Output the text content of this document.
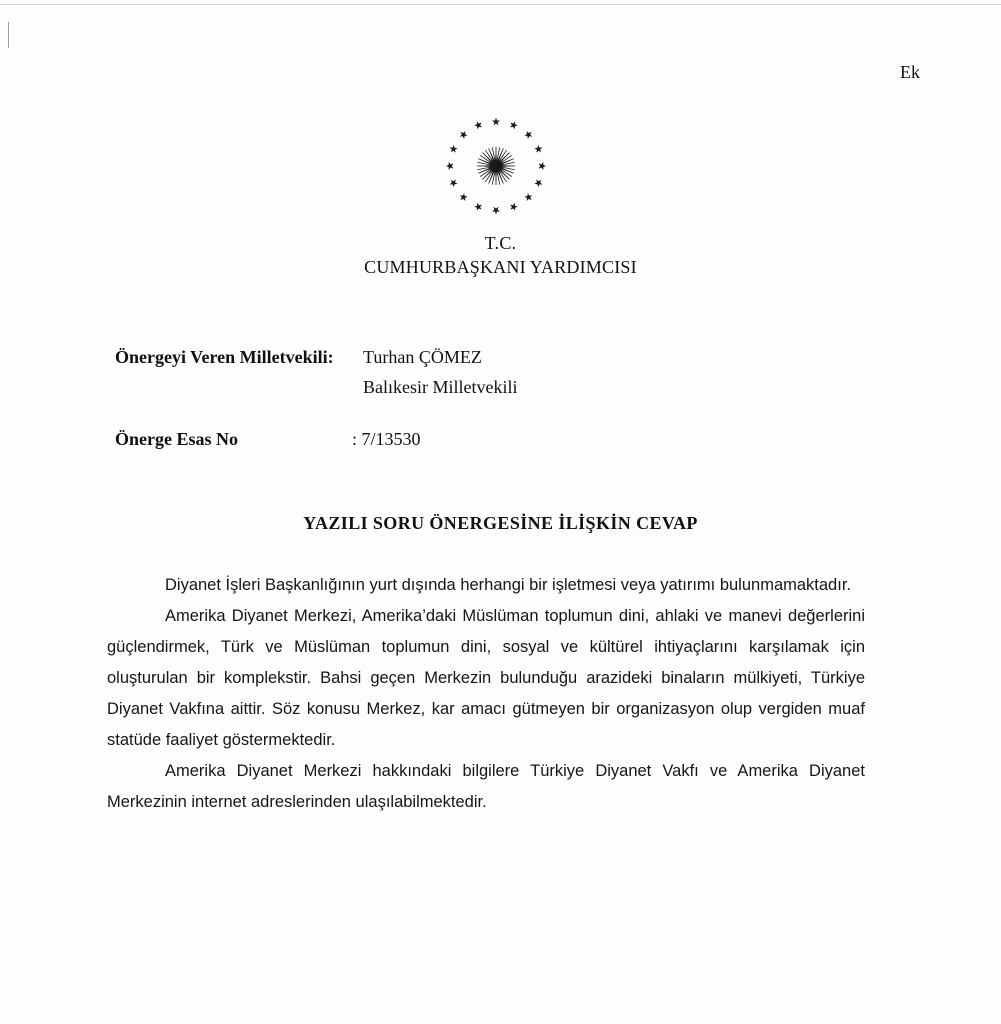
Ek
T.C.
CUMHURBAŞKANI YARDIMCISI
Önergeyi Veren Milletvekili: Turhan ÇÖMEZ
Balıkesir Milletvekili
Önerge Esas No	: 7/13530
YAZILI SORU ÖNERGESİNE İLİŞKİN CEVAP

Diyanet İşleri Başkanlığının yurt dışında herhangi bir işletmesi veya yatırımı bulunmamaktadır.

Amerika Diyanet Merkezi, Amerika’daki Müslüman toplumun dini, ahlaki ve manevi değerlerini güçlendirmek, Türk ve Müslüman toplumun dini, sosyal ve kültürel ihtiyaçlarını karşılamak için oluşturulan bir komplekstir. Bahsi geçen Merkezin bulunduğu arazideki binaların mülkiyeti, Türkiye Diyanet Vakfına aittir. Söz konusu Merkez, kar amacı gütmeyen bir organizasyon olup vergiden muaf statüde faaliyet göstermektedir.

Amerika Diyanet Merkezi hakkındaki bilgilere Türkiye Diyanet Vakfı ve Amerika Diyanet Merkezinin internet adreslerinden ulaşılabilmektedir.
